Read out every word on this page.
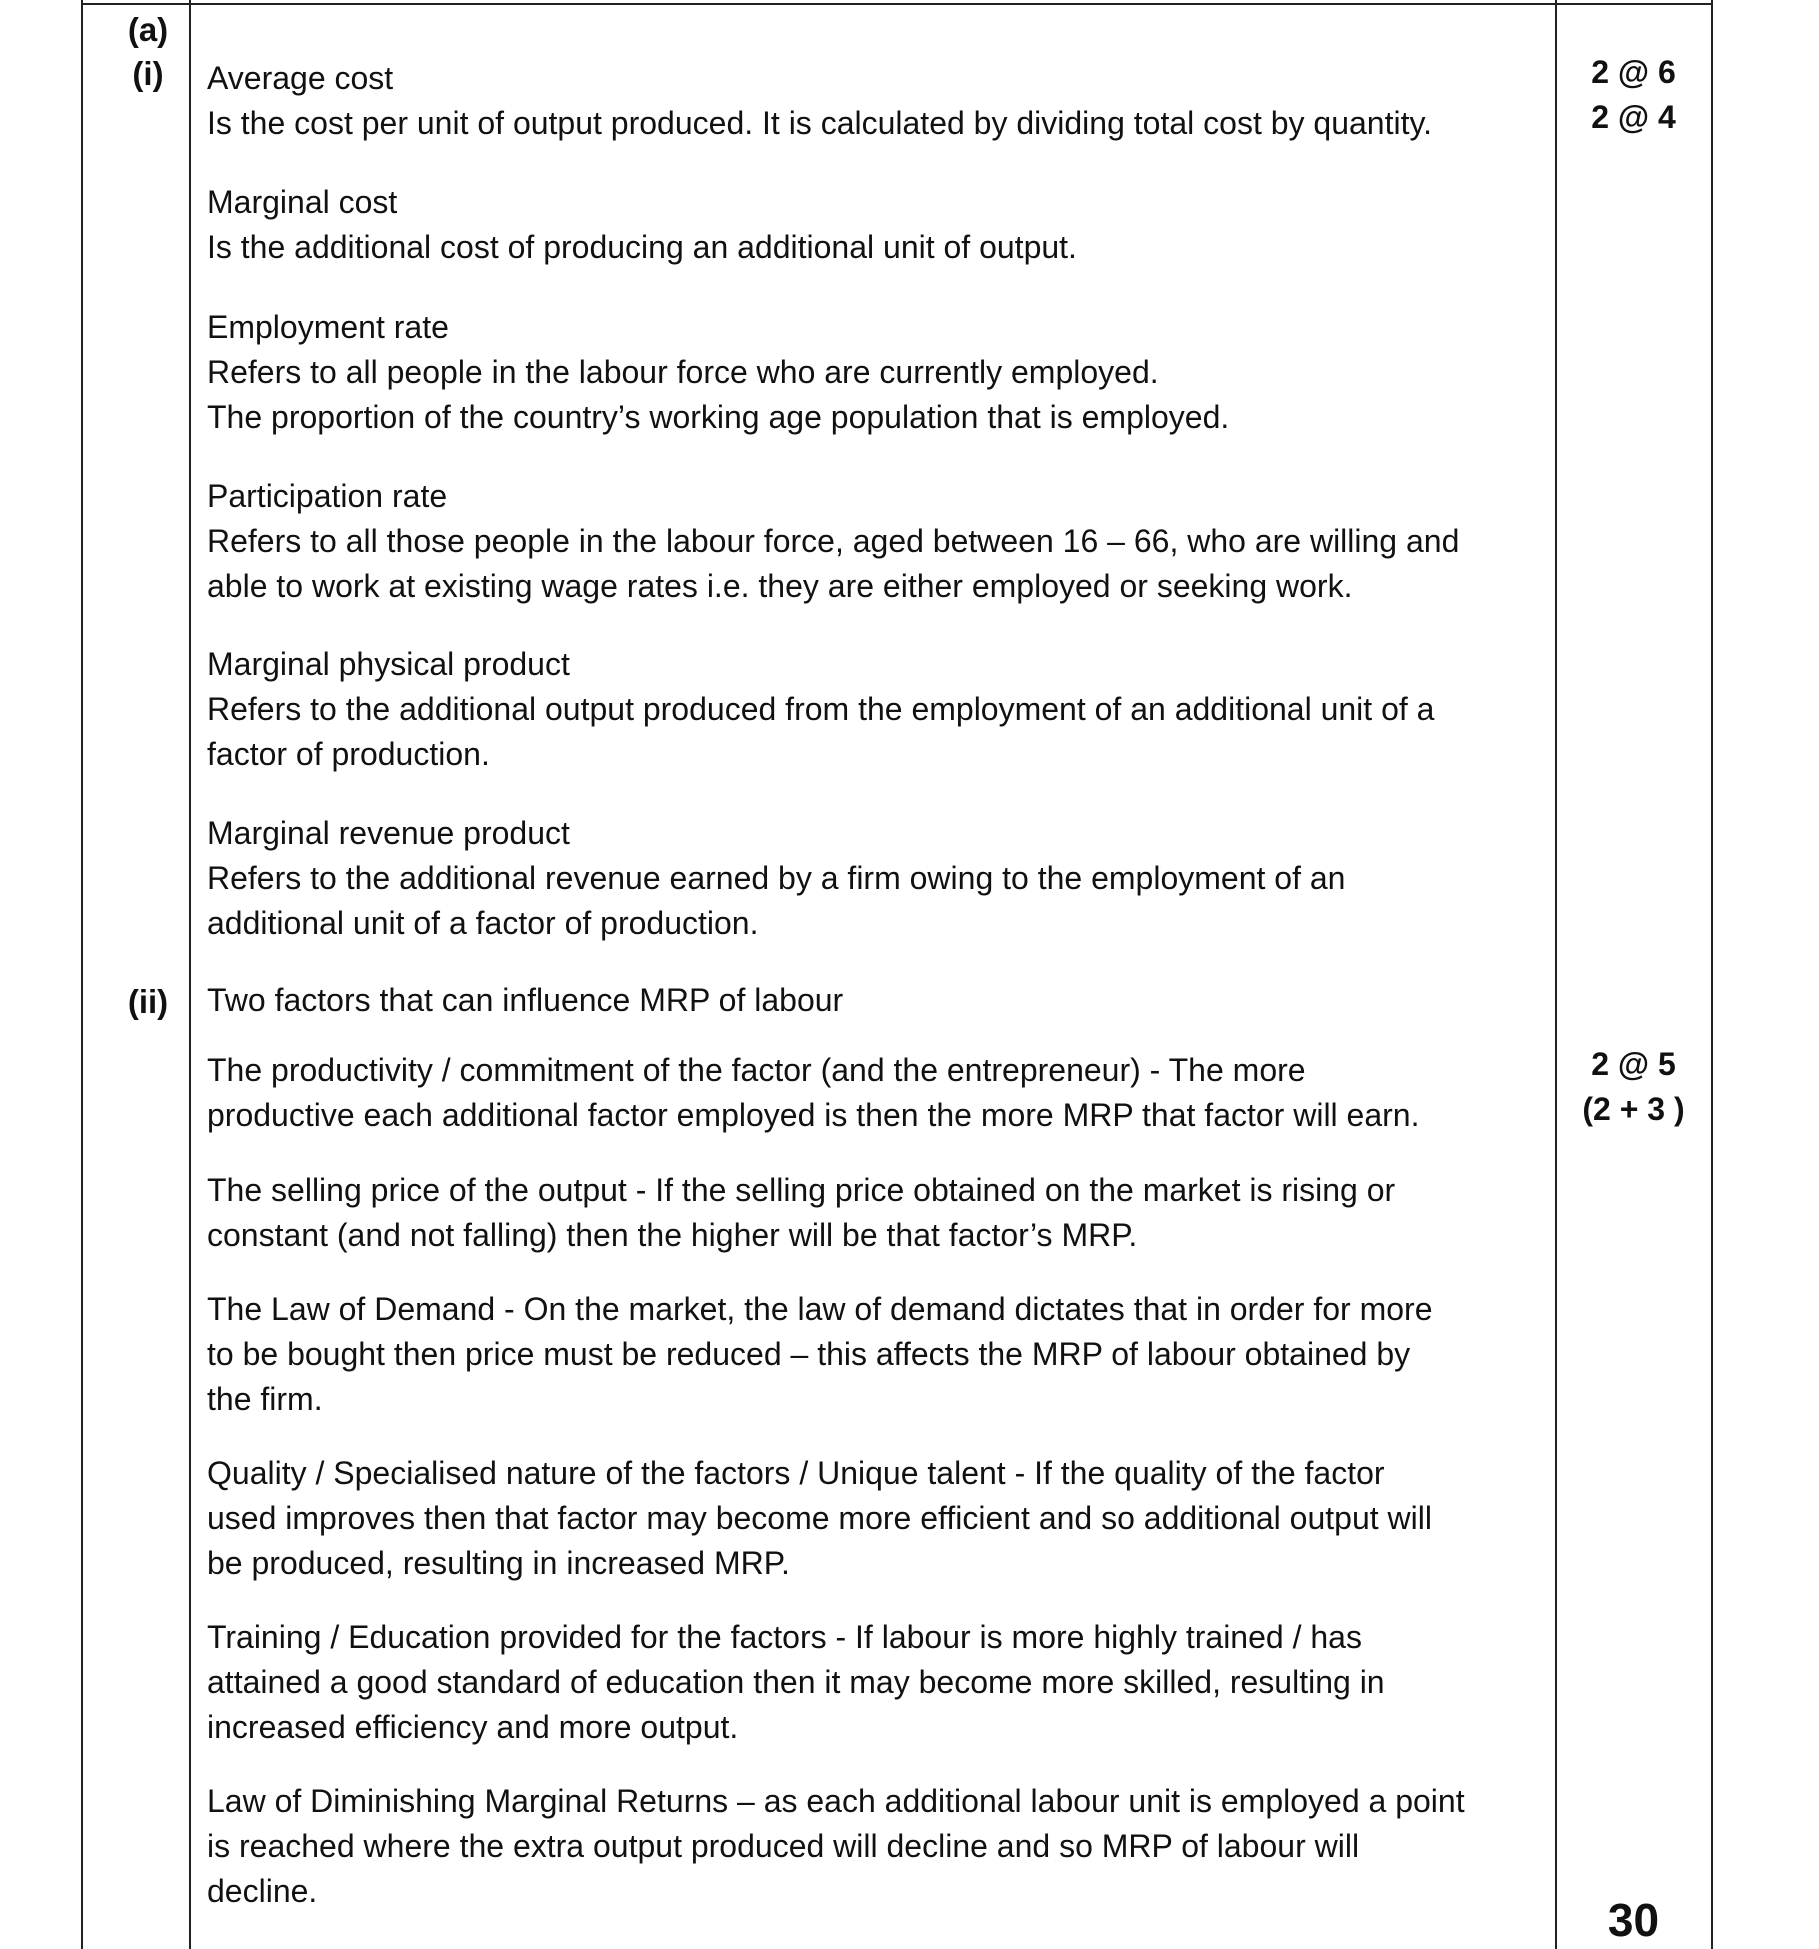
(a)
(i)
(ii)

Average cost

Is the cost per unit of output produced. It is calculated by dividing total cost by quantity.

Marginal cost

Is the additional cost of producing an additional unit of output.

Employment rate

Refers to all people in the labour force who are currently employed.

The proportion of the country’s working age population that is employed.

Participation rate

Refers to all those people in the labour force, aged between 16 – 66, who are willing and

able to work at existing wage rates i.e. they are either employed or seeking work.

Marginal physical product

Refers to the additional output produced from the employment of an additional unit of a

factor of production.

Marginal revenue product

Refers to the additional revenue earned by a firm owing to the employment of an

additional unit of a factor of production.

2 @ 6
2 @ 4
Two factors that can influence MRP of labour

The productivity / commitment of the factor (and the entrepreneur) - The more

productive each additional factor employed is then the more MRP that factor will earn.

The selling price of the output - If the selling price obtained on the market is rising or

constant (and not falling) then the higher will be that factor’s MRP.

The Law of Demand - On the market, the law of demand dictates that in order for more

to be bought then price must be reduced – this affects the MRP of labour obtained by

the firm.

Quality / Specialised nature of the factors / Unique talent - If the quality of the factor

used improves then that factor may become more efficient and so additional output will

be produced, resulting in increased MRP.

Training / Education provided for the factors - If labour is more highly trained / has

attained a good standard of education then it may become more skilled, resulting in

increased efficiency and more output.

Law of Diminishing Marginal Returns – as each additional labour unit is employed a point

is reached where the extra output produced will decline and so MRP of labour will

decline.

2 @ 5
(2 + 3 )
30
